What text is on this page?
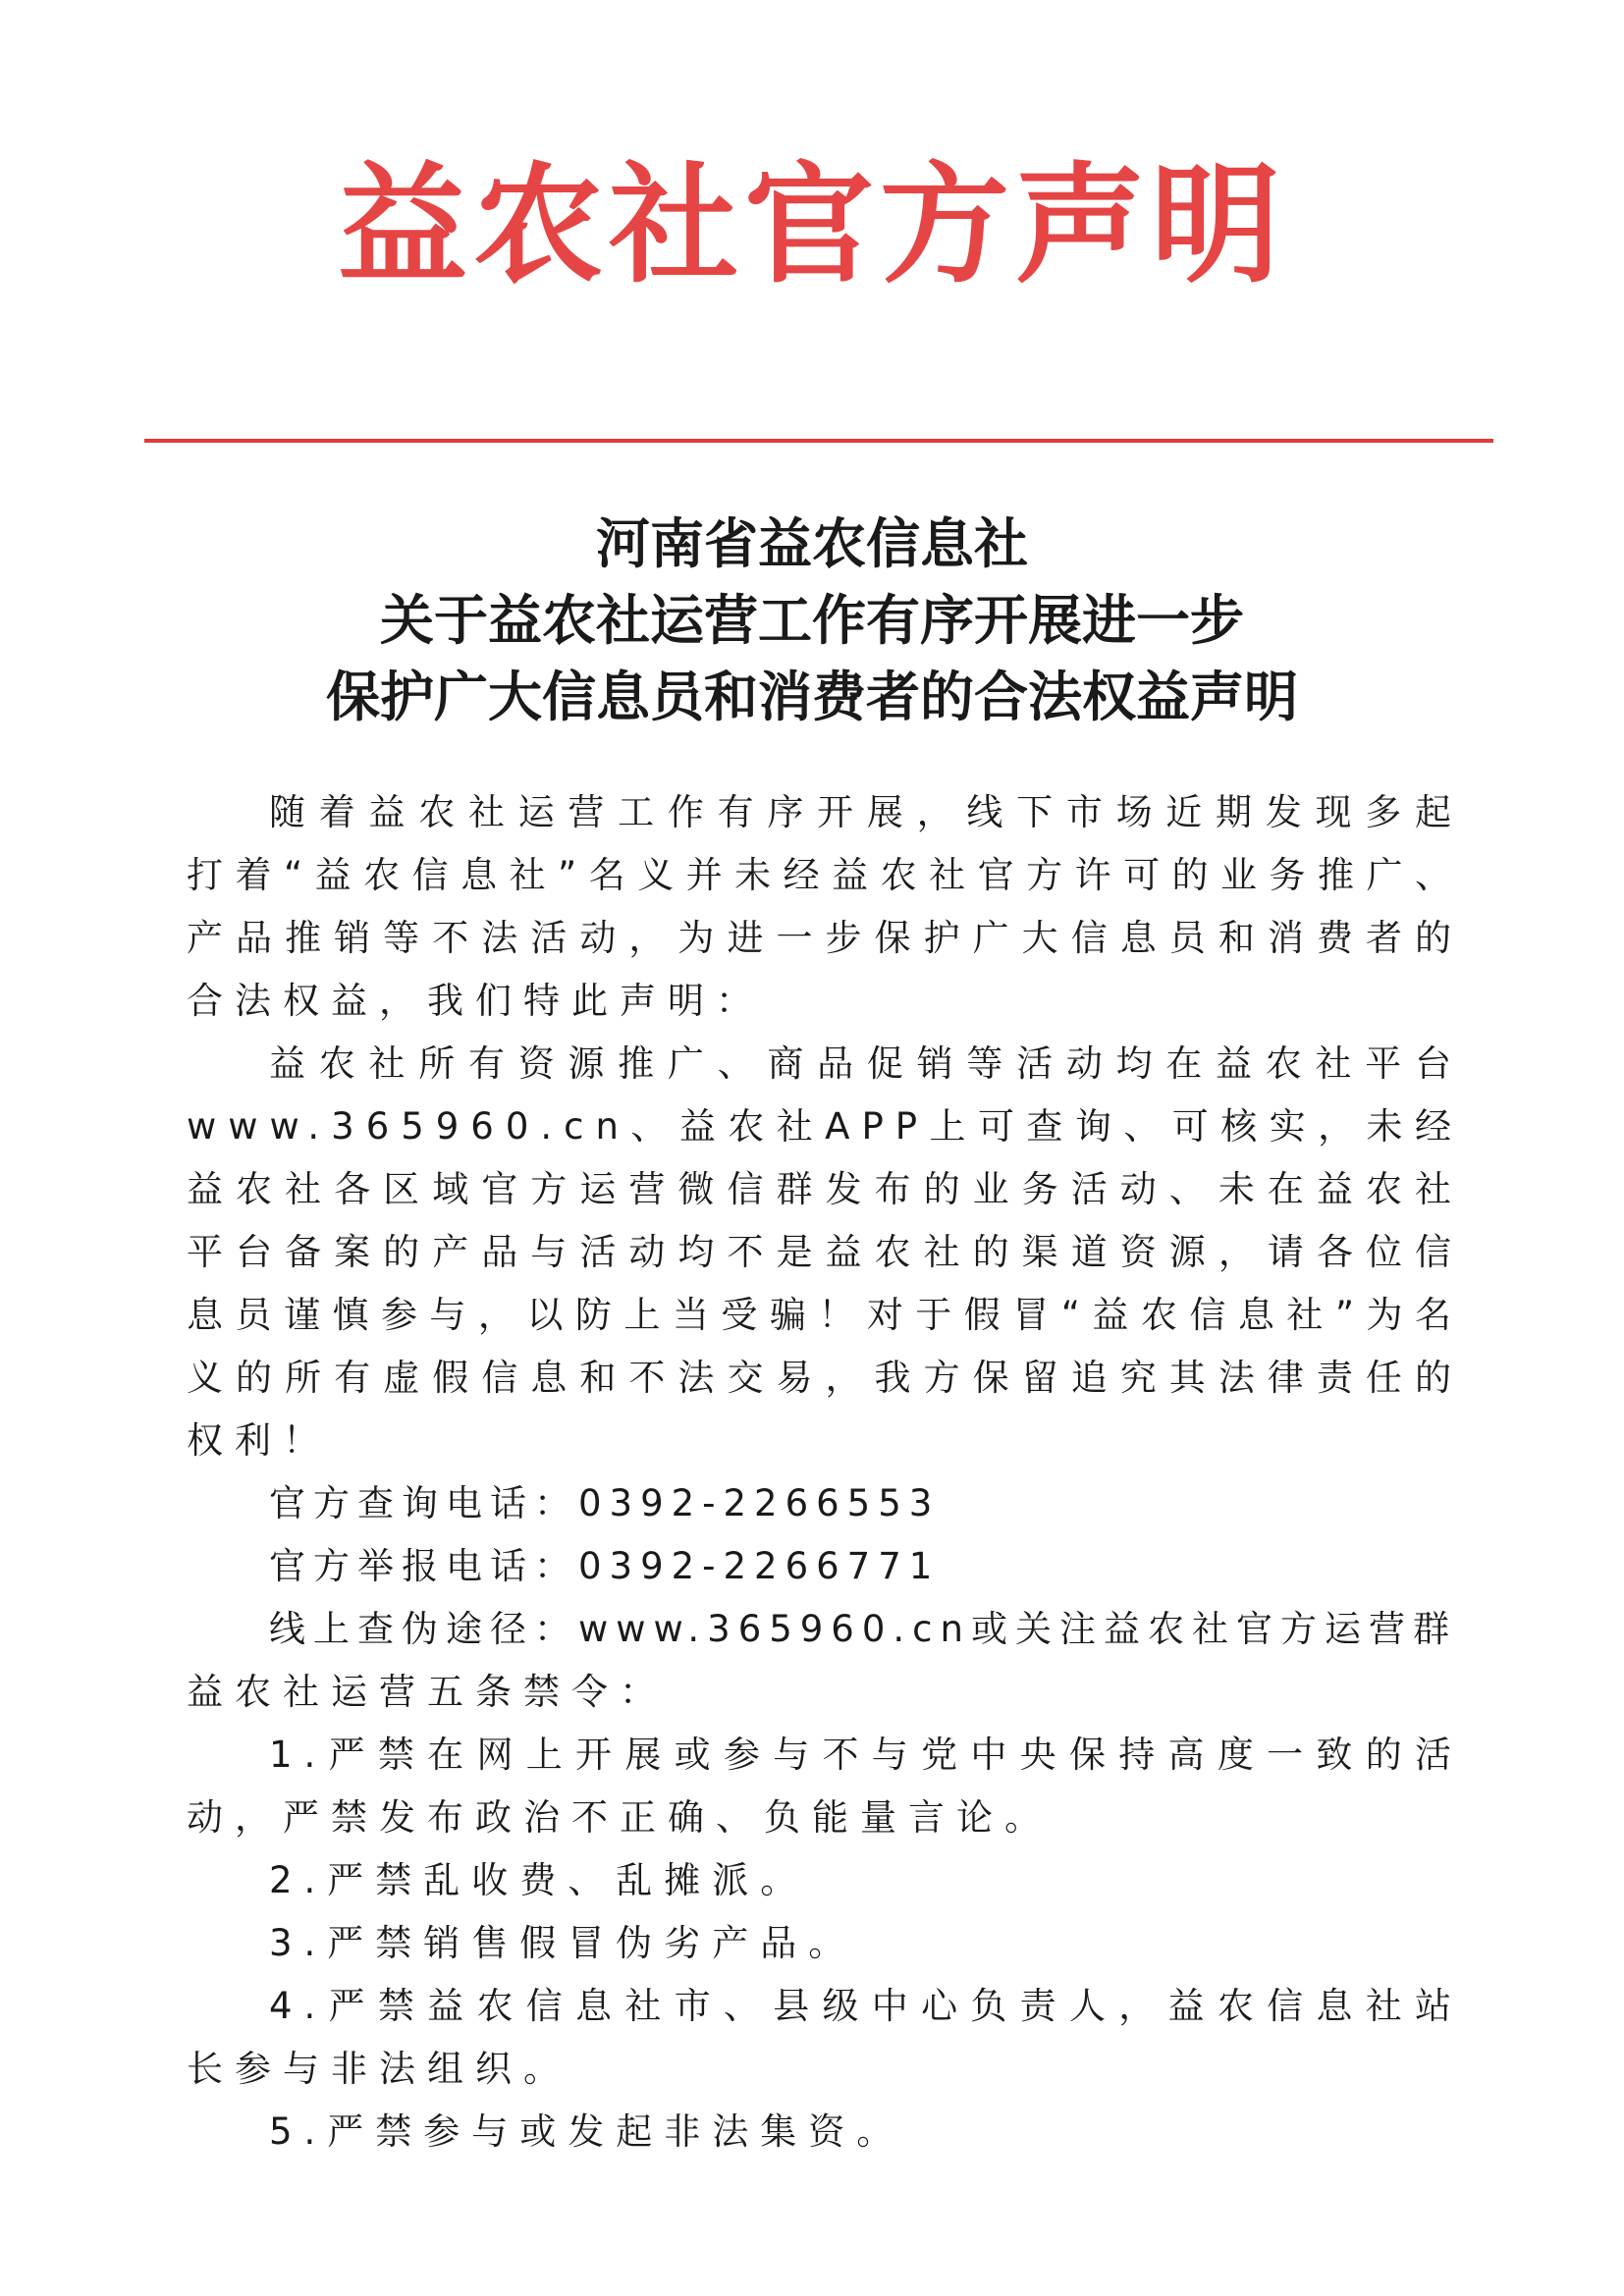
益农社官方声明
河南省益农信息社
关于益农社运营工作有序开展进一步
保护广大信息员和消费者的合法权益声明

随着益农社运营工作有序开展，线下市场近期发现多起打着“益农信息社”名义并未经益农社官方许可的业务推广、产品推销等不法活动，为进一步保护广大信息员和消费者的合法权益，我们特此声明：

益农社所有资源推广、商品促销等活动均在益农社平台www.365960.cn、益农社APP上可查询、可核实，未经益农社各区域官方运营微信群发布的业务活动、未在益农社平台备案的产品与活动均不是益农社的渠道资源，请各位信息员谨慎参与，以防上当受骗！对于假冒“益农信息社”为名义的所有虚假信息和不法交易，我方保留追究其法律责任的权利！

官方查询电话：0392-2266553

官方举报电话：0392-2266771

线上查伪途径：www.365960.cn或关注益农社官方运营群

益农社运营五条禁令：

1.严禁在网上开展或参与不与党中央保持高度一致的活动，严禁发布政治不正确、负能量言论。

2.严禁乱收费、乱摊派。

3.严禁销售假冒伪劣产品。

4.严禁益农信息社市、县级中心负责人，益农信息社站长参与非法组织。

5.严禁参与或发起非法集资。
